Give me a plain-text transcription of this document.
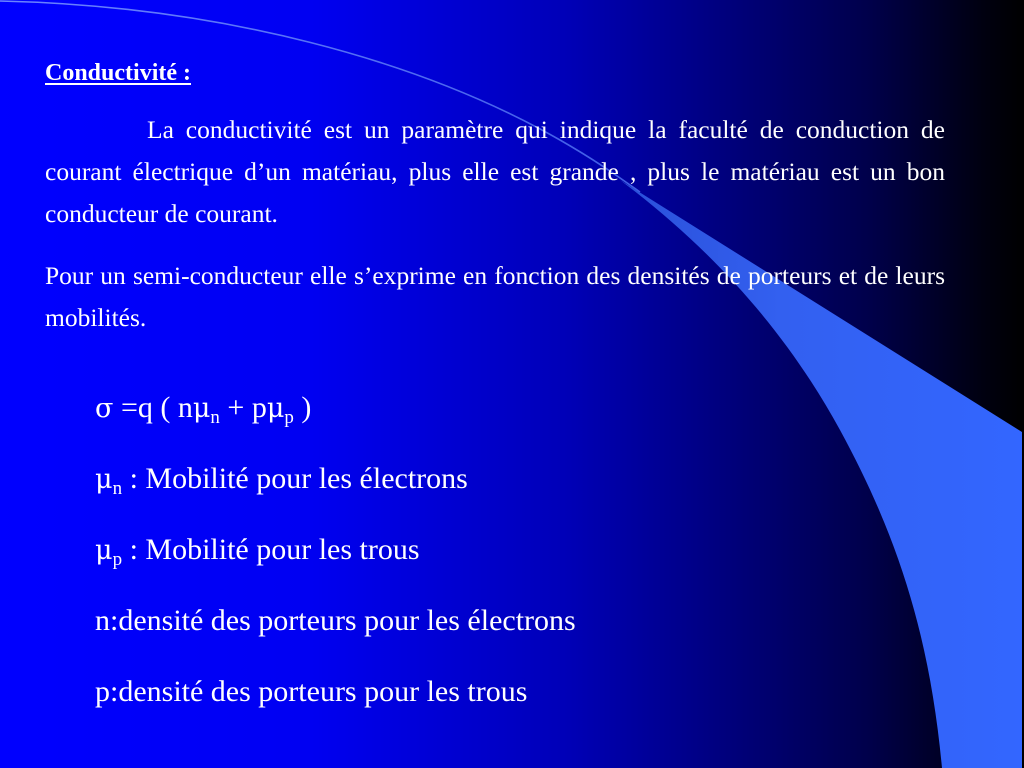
Conductivité :
La conductivité est un paramètre qui indique la faculté de conduction de courant électrique d’un matériau, plus elle est grande , plus le matériau est un bon conducteur de courant.
Pour un semi-conducteur elle s’exprime en fonction des densités de porteurs et de leurs mobilités.
σ =q ( $n\mu_n + p\mu_p$ )
$\mu_n$ : Mobilité pour les électrons
$\mu_p$ : Mobilité pour les trous
n:densité des porteurs pour les électrons
p:densité des porteurs pour les trous
